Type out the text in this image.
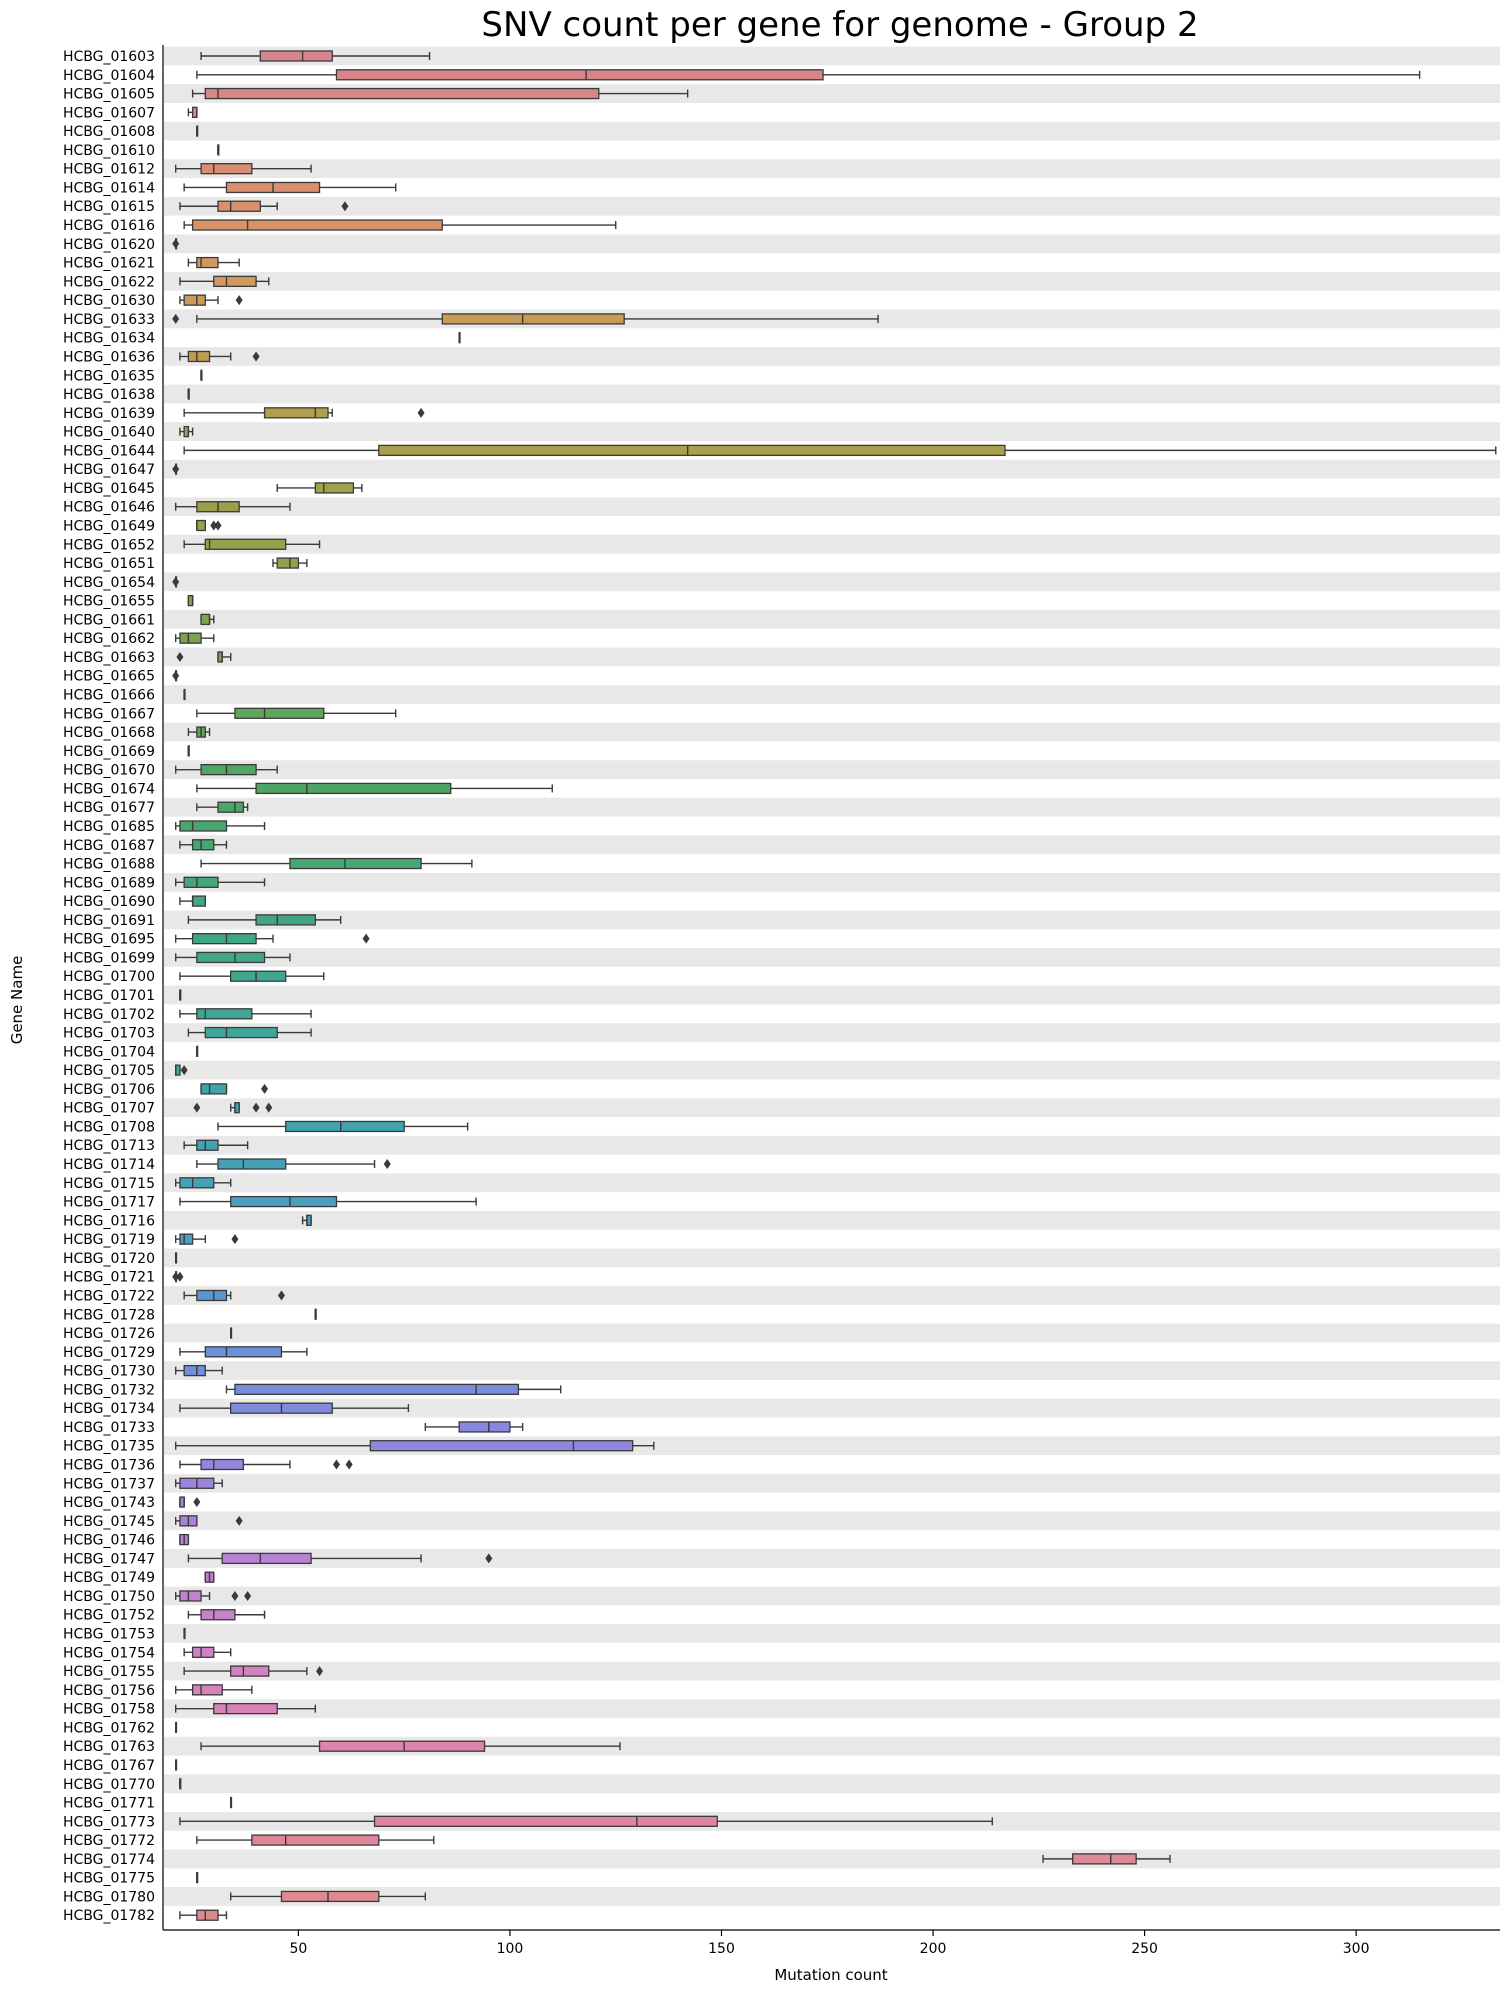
SNV count per gene for genome - Group 2
HCBG_01603
HCBG_01604
HCBG_01605
HCBG_01607
HCBG_01608
HCBG_01610
HCBG_01612
HCBG_01614
HCBG_01615
HCBG_01616
HCBG_01620
HCBG_01621
HCBG_01622
HCBG_01630
HCBG_01633
HCBG_01634
HCBG_01636
HCBG_01635
HCBG_01638
HCBG_01639
HCBG_01640
HCBG_01644
HCBG_01647
HCBG_01645
HCBG_01646
HCBG_01649
HCBG_01652
HCBG_01651
HCBG_01654
HCBG_01655
HCBG_01661
HCBG_01662
HCBG_01663
HCBG_01665
HCBG_01666
HCBG_01667
HCBG_01668
HCBG_01669
HCBG_01670
HCBG_01674
HCBG_01677
HCBG_01685
HCBG_01687
HCBG_01688
HCBG_01689
HCBG_01690
HCBG_01691
HCBG_01695
HCBG_01699
HCBG_01700
HCBG_01701
HCBG_01702
HCBG_01703
HCBG_01704
HCBG_01705
HCBG_01706
HCBG_01707
HCBG_01708
HCBG_01713
HCBG_01714
HCBG_01715
HCBG_01717
HCBG_01716
HCBG_01719
HCBG_01720
HCBG_01721
HCBG_01722
HCBG_01728
HCBG_01726
HCBG_01729
HCBG_01730
HCBG_01732
HCBG_01734
HCBG_01733
HCBG_01735
HCBG_01736
HCBG_01737
HCBG_01743
HCBG_01745
HCBG_01746
HCBG_01747
HCBG_01749
HCBG_01750
HCBG_01752
HCBG_01753
HCBG_01754
HCBG_01755
HCBG_01756
HCBG_01758
HCBG_01762
HCBG_01763
HCBG_01767
HCBG_01770
HCBG_01771
HCBG_01773
HCBG_01772
HCBG_01774
HCBG_01775
HCBG_01780
HCBG_01782
50	100	150	200	250	300
Mutation count
Gene Name
